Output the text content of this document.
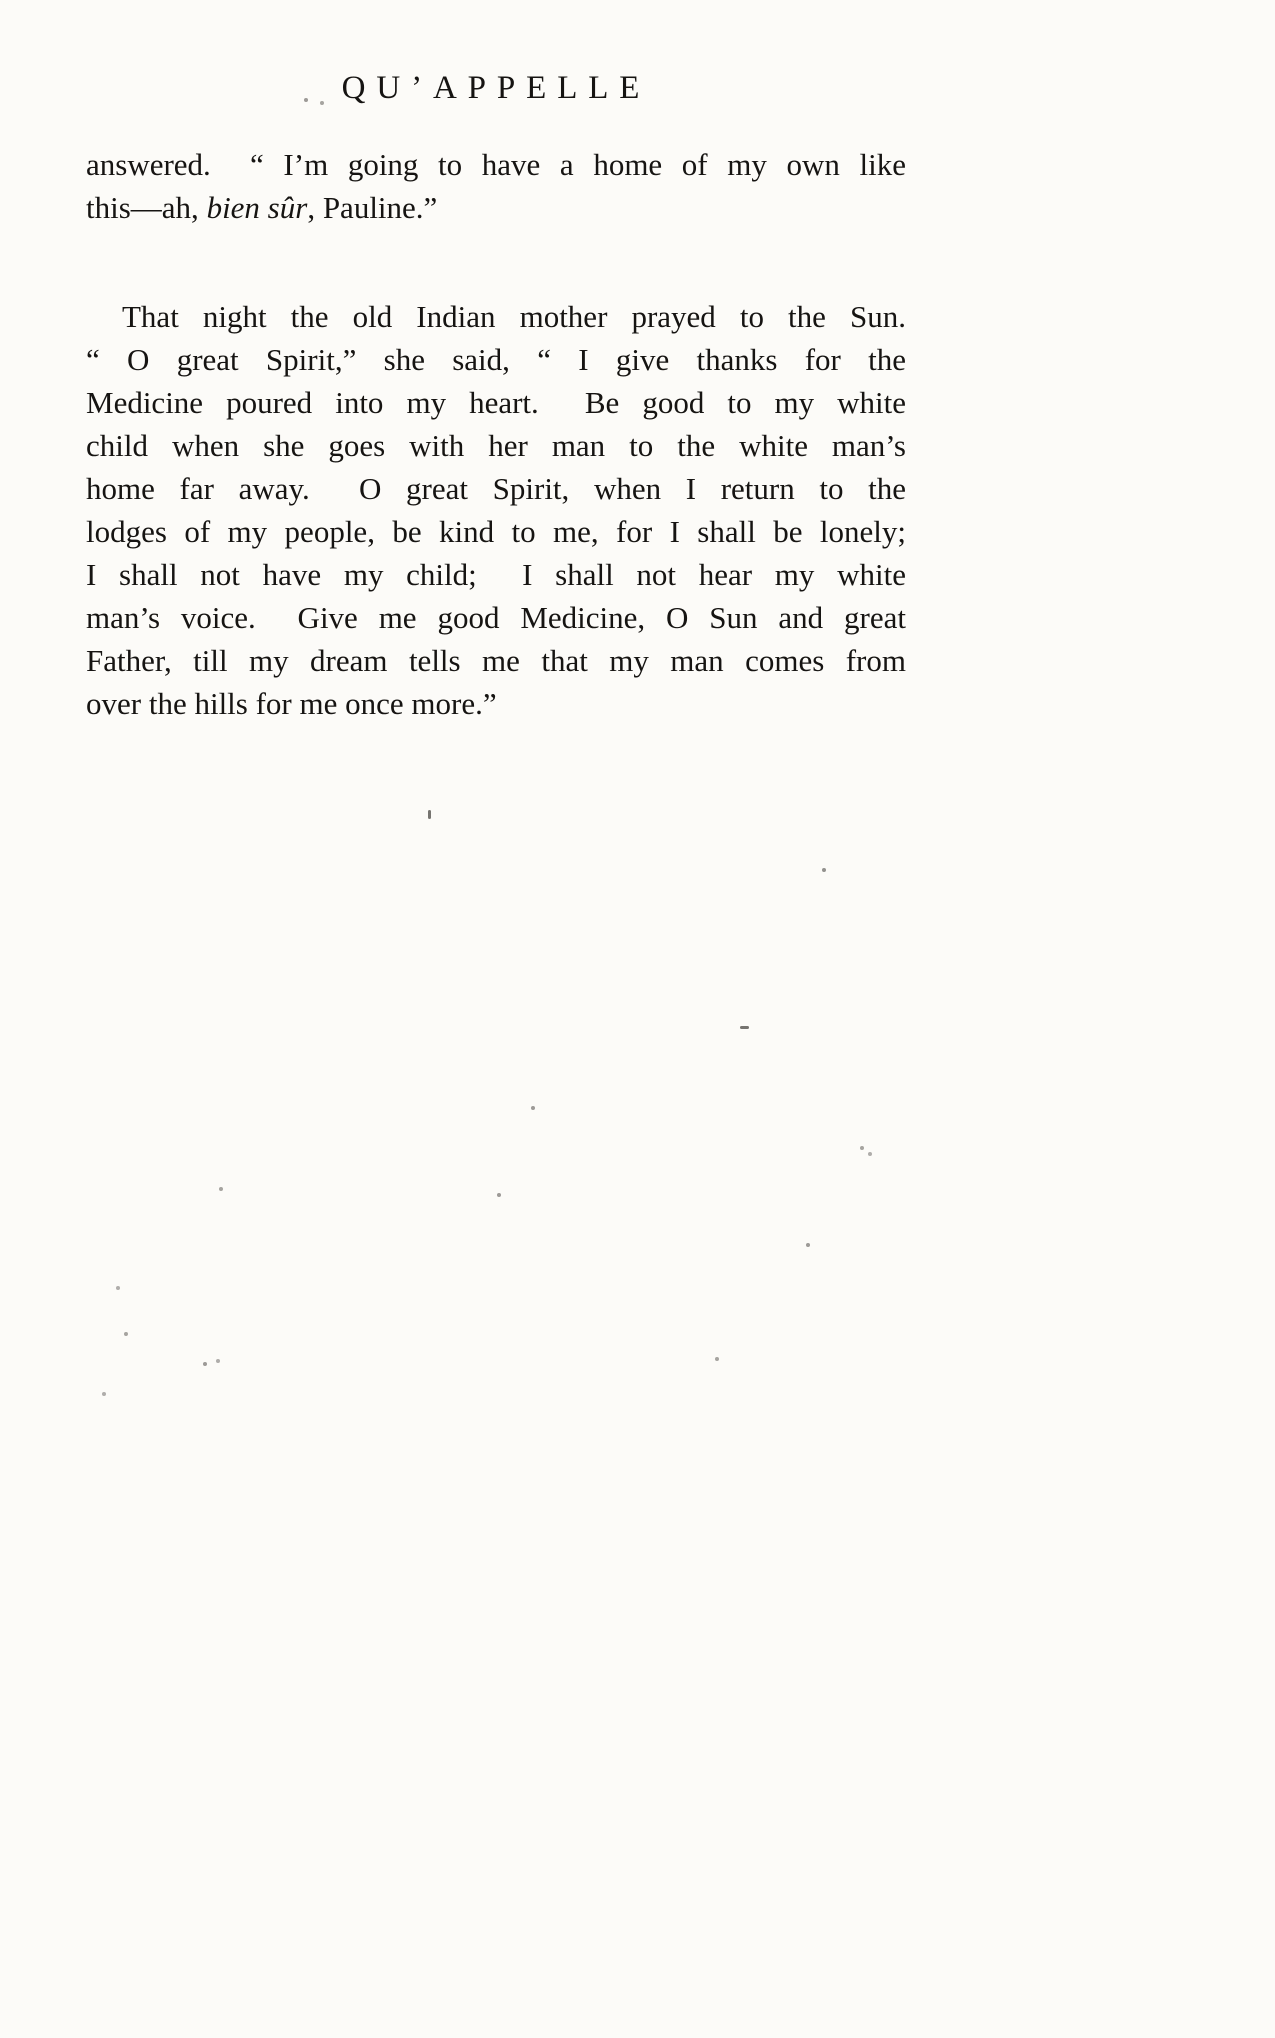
QU’APPELLE
answered.  “ I’m going to have a home of my own like
this—ah, bien sûr, Pauline.”
That night the old Indian mother prayed to the Sun.
“ O great Spirit,” she said, “ I give thanks for the
Medicine poured into my heart.  Be good to my white
child when she goes with her man to the white man’s
home far away.  O great Spirit, when I return to the
lodges of my people, be kind to me, for I shall be lonely;
I shall not have my child;  I shall not hear my white
man’s voice.  Give me good Medicine, O Sun and great
Father, till my dream tells me that my man comes from
over the hills for me once more.”
